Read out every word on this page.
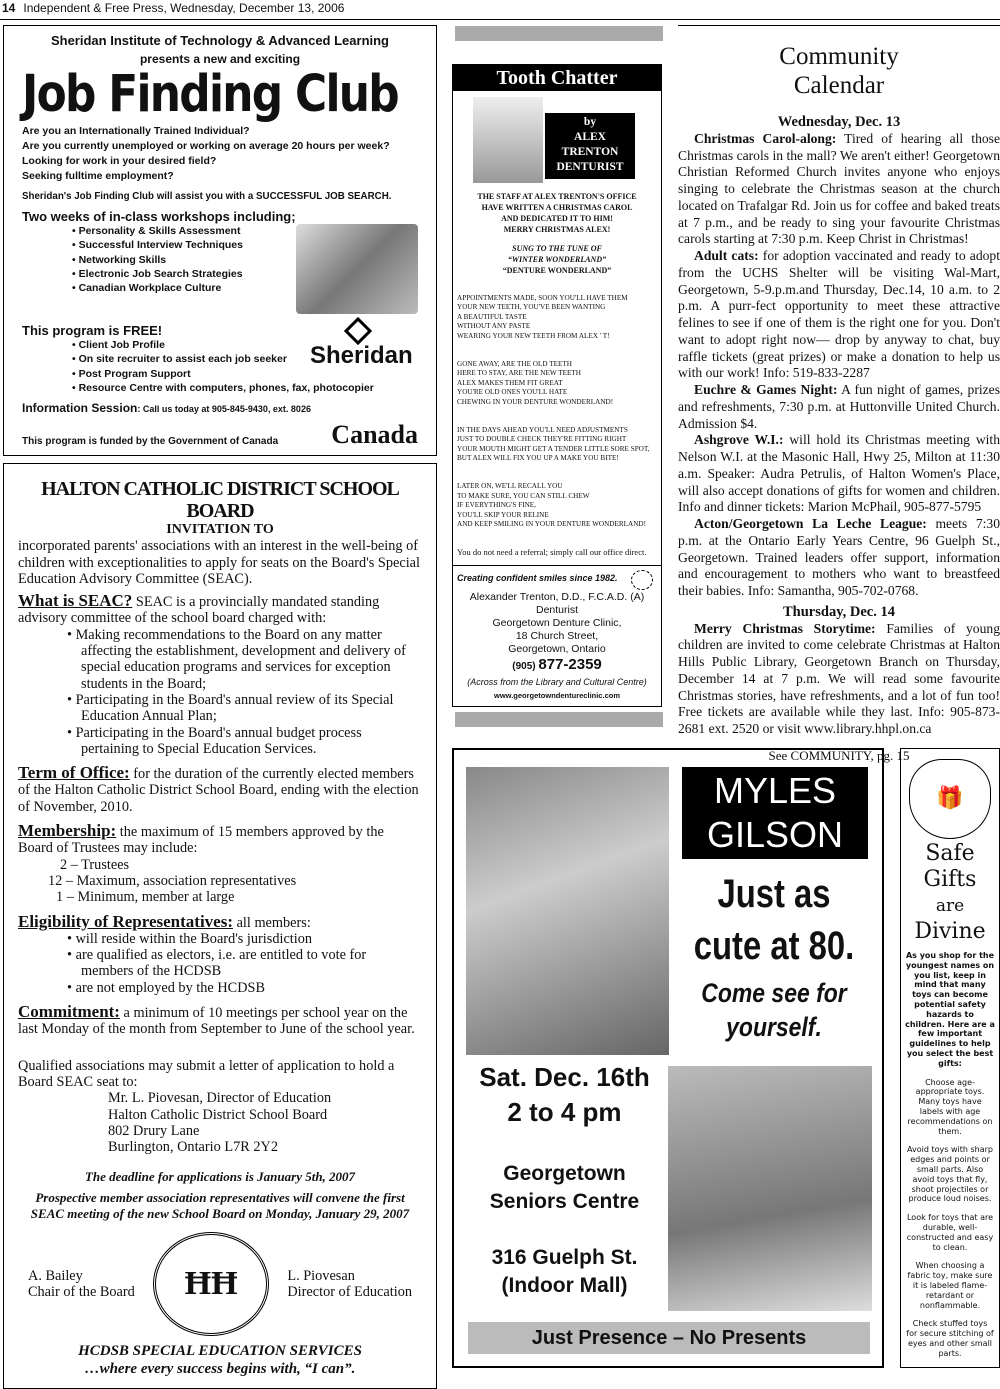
14 Independent & Free Press, Wednesday, December 13, 2006
Sheridan Institute of Technology & Advanced Learning
presents a new and exciting
Job Finding Club

Are you an Internationally Trained Individual?

Are you currently unemployed or working on average 20 hours per week?

Looking for work in your desired field?

Seeking fulltime employment?

Sheridan's Job Finding Club will assist you with a SUCCESSFUL JOB SEARCH.

Two weeks of in-class workshops including;

• Personality & Skills Assessment
• Successful Interview Techniques
• Networking Skills
• Electronic Job Search Strategies
• Canadian Workplace Culture
Sheridan

This program is FREE!

• Client Job Profile
• On site recruiter to assist each job seeker
• Post Program Support
• Resource Centre with computers, phones, fax, photocopier

Information Session: Call us today at 905-845-9430, ext. 8026

This program is funded by the Government of Canada Canada
HALTON CATHOLIC DISTRICT SCHOOL BOARD
INVITATION TO

incorporated parents' associations with an interest in the well-being of children with exceptionalities to apply for seats on the Board's Special Education Advisory Committee (SEAC).

What is SEAC? SEAC is a provincially mandated standing advisory committee of the school board charged with:

• Making recommendations to the Board on any matter affecting the establishment, development and delivery of special education programs and services for exception students in the Board;
• Participating in the Board's annual review of its Special Education Annual Plan;
• Participating in the Board's annual budget process pertaining to Special Education Services.

Term of Office: for the duration of the currently elected members of the Halton Catholic District School Board, ending with the election of November, 2010.

Membership: the maximum of 15 members approved by the Board of Trustees may include:

2 – Trustees
12 – Maximum, association representatives
1 – Minimum, member at large

Eligibility of Representatives: all members:

• will reside within the Board's jurisdiction
• are qualified as electors, i.e. are entitled to vote for members of the HCDSB
• are not employed by the HCDSB

Commitment: a minimum of 10 meetings per school year on the last Monday of the month from September to June of the school year.

Qualified associations may submit a letter of application to hold a Board SEAC seat to:

Mr. L. Piovesan, Director of Education
Halton Catholic District School Board
802 Drury Lane
Burlington, Ontario L7R 2Y2

The deadline for applications is January 5th, 2007

Prospective member association representatives will convene the first SEAC meeting of the new School Board on Monday, January 29, 2007

A. Bailey
Chair of the Board	ĦĦ	L. Piovesan
Director of Education

HCDSB SPECIAL EDUCATION SERVICES

…where every success begins with, “I can”.

Tooth Chatter
by
ALEX
TRENTON
DENTURIST
THE STAFF AT ALEX TRENTON'S OFFICE
HAVE WRITTEN A CHRISTMAS CAROL
AND DEDICATED IT TO HIM!
MERRY CHRISTMAS ALEX!
SUNG TO THE TUNE OF
“WINTER WONDERLAND”
“DENTURE WONDERLAND”

APPOINTMENTS MADE, SOON YOU'LL HAVE THEM
YOUR NEW TEETH, YOU'VE BEEN WANTING
A BEAUTIFUL TASTE
WITHOUT ANY PASTE
WEARING YOUR NEW TEETH FROM ALEX ' T!

GONE AWAY, ARE THE OLD TEETH
HERE TO STAY, ARE THE NEW TEETH
ALEX MAKES THEM FIT GREAT
YOU'RE OLD ONES YOU'LL HATE
CHEWING IN YOUR DENTURE WONDERLAND!

IN THE DAYS AHEAD YOU'LL NEED ADJUSTMENTS
JUST TO DOUBLE CHECK THEY'RE FITTING RIGHT
YOUR MOUTH MIGHT GET A TENDER LITTLE SORE SPOT,
BUT ALEX WILL FIX YOU UP A MAKE YOU BITE!

LATER ON, WE'LL RECALL YOU
TO MAKE SURE, YOU CAN STILL CHEW
IF EVERYTHING'S FINE,
YOU'LL SKIP YOUR RELINE
AND KEEP SMILING IN YOUR DENTURE WONDERLAND!

You do not need a referral; simply call our office direct.
Creating confident smiles since 1982.
Alexander Trenton, D.D., F.C.A.D. (A)
Denturist
Georgetown Denture Clinic,
18 Church Street,
Georgetown, Ontario
(905) 877-2359
(Across from the Library and Cultural Centre)
www.georgetowndentureclinic.com
Community
Calendar
Wednesday, Dec. 13

Christmas Carol-along: Tired of hearing all those Christmas carols in the mall? We aren't either! Georgetown Christian Reformed Church invites anyone who enjoys singing to celebrate the Christmas season at the church located on Trafalgar Rd. Join us for coffee and baked treats at 7 p.m., and be ready to sing your favourite Christmas carols starting at 7:30 p.m. Keep Christ in Christmas!

Adult cats: for adoption vaccinated and ready to adopt from the UCHS Shelter will be visiting Wal-Mart, Georgetown, 5-9.p.m.and Thursday, Dec.14, 10 a.m. to 2 p.m. A purr-fect opportunity to meet these attractive felines to see if one of them is the right one for you. Don't want to adopt right now— drop by anyway to chat, buy raffle tickets (great prizes) or make a donation to help us with our work! Info: 519-833-2287

Euchre & Games Night: A fun night of games, prizes and refreshments, 7:30 p.m. at Huttonville United Church. Admission $4.

Ashgrove W.I.: will hold its Christmas meeting with Nelson W.I. at the Masonic Hall, Hwy 25, Milton at 11:30 a.m. Speaker: Audra Petrulis, of Halton Women's Place, will also accept donations of gifts for women and children. Info and dinner tickets: Marion McPhail, 905-877-5795

Acton/Georgetown La Leche League: meets 7:30 p.m. at the Ontario Early Years Centre, 96 Guelph St., Georgetown. Trained leaders offer support, information and encouragement to mothers who want to breastfeed their babies. Info: Samantha, 905-702-0768.

Thursday, Dec. 14

Merry Christmas Storytime: Families of young children are invited to come celebrate Christmas at Halton Hills Public Library, Georgetown Branch on Thursday, December 14 at 7 p.m. We will read some favourite Christmas stories, have refreshments, and a lot of fun too! Free tickets are available while they last. Info: 905-873-2681 ext. 2520 or visit www.library.hhpl.on.ca

See COMMUNITY, pg. 15
MYLES
GILSON
Just as
cute at 80.
Come see for
yourself.
Sat. Dec. 16th
2 to 4 pm
Georgetown
Seniors Centre
316 Guelph St.
(Indoor Mall)
Just Presence – No Presents
🎁
Safe
Gifts
are
Divine
As you shop for the youngest names on you list, keep in mind that many toys can become potential safety hazards to children. Here are a few important guidelines to help you select the best gifts:

Choose age-appropriate toys. Many toys have labels with age recommendations on them.

Avoid toys with sharp edges and points or small parts. Also avoid toys that fly, shoot projectiles or produce loud noises.

Look for toys that are durable, well-constructed and easy to clean.

When choosing a fabric toy, make sure it is labeled flame-retardant or nonflammable.

Check stuffed toys for secure stitching of eyes and other small parts.
